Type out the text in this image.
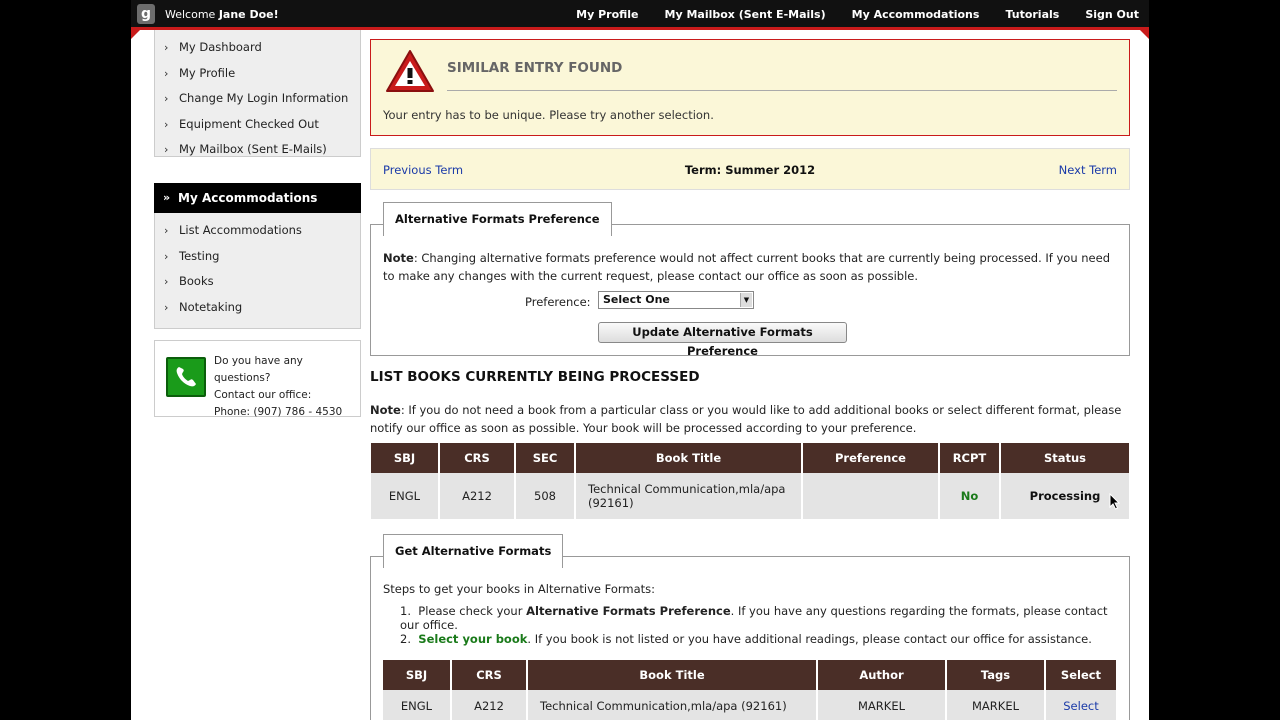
g	Welcome Jane Doe!	My Profile My Mailbox (Sent E-Mails) My Accommodations Tutorials Sign Out
› My Dashboard
› My Profile
› Change My Login Information
› Equipment Checked Out
› My Mailbox (Sent E-Mails)
» My Accommodations
› List Accommodations
› Testing
› Books
› Notetaking
Do you have any questions?
Contact our office:
Phone: (907) 786 - 4530
SIMILAR ENTRY FOUND
Your entry has to be unique. Please try another selection.
Previous Term	Term: Summer 2012	Next Term
Alternative Formats Preference
Note: Changing alternative formats preference would not affect current books that are currently being processed. If you need to make any changes with the current request, please contact our office as soon as possible.
Preference:	Select One	▼
Update Alternative Formats Preference
LIST BOOKS CURRENTLY BEING PROCESSED
Note: If you do not need a book from a particular class or you would like to add additional books or select different format, please notify our office as soon as possible. Your book will be processed according to your preference.
SBJ	CRS	SEC	Book Title	Preference	RCPT	Status
ENGL	A212	508	Technical Communication,mla/apa (92161)		No	Processing
Get Alternative Formats
Steps to get your books in Alternative Formats:
1. Please check your Alternative Formats Preference. If you have any questions regarding the formats, please contact our office.
2. Select your book. If you book is not listed or you have additional readings, please contact our office for assistance.
SBJ	CRS	Book Title	Author	Tags	Select
ENGL	A212	Technical Communication,mla/apa (92161)	MARKEL	MARKEL	Select
